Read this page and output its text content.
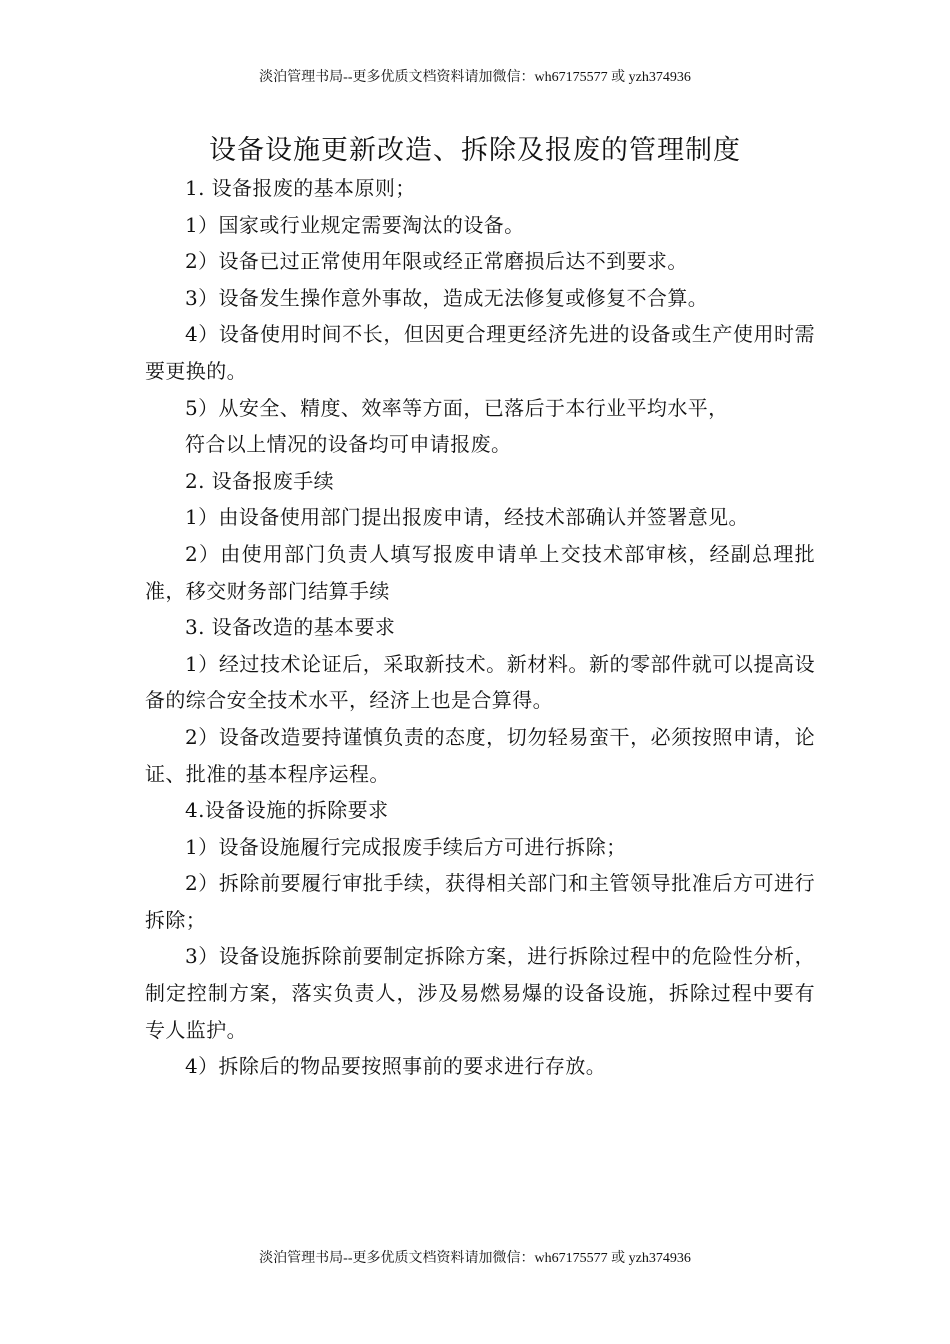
淡泊管理书局--更多优质文档资料请加微信：wh67175577 或 yzh374936
设备设施更新改造、拆除及报废的管理制度

1. 设备报废的基本原则；

1）国家或行业规定需要淘汰的设备。

2）设备已过正常使用年限或经正常磨损后达不到要求。

3）设备发生操作意外事故，造成无法修复或修复不合算。

4）设备使用时间不长，但因更合理更经济先进的设备或生产使用时需要更换的。

5）从安全、精度、效率等方面，已落后于本行业平均水平，

符合以上情况的设备均可申请报废。

2. 设备报废手续

1）由设备使用部门提出报废申请，经技术部确认并签署意见。

2）由使用部门负责人填写报废申请单上交技术部审核，经副总理批准，移交财务部门结算手续

3. 设备改造的基本要求

1）经过技术论证后，采取新技术。新材料。新的零部件就可以提高设备的综合安全技术水平，经济上也是合算得。

2）设备改造要持谨慎负责的态度，切勿轻易蛮干，必须按照申请，论证、批准的基本程序运程。

4.设备设施的拆除要求

1）设备设施履行完成报废手续后方可进行拆除；

2）拆除前要履行审批手续，获得相关部门和主管领导批准后方可进行拆除；

3）设备设施拆除前要制定拆除方案，进行拆除过程中的危险性分析，制定控制方案，落实负责人，涉及易燃易爆的设备设施，拆除过程中要有专人监护。

4）拆除后的物品要按照事前的要求进行存放。

淡泊管理书局--更多优质文档资料请加微信：wh67175577 或 yzh374936
